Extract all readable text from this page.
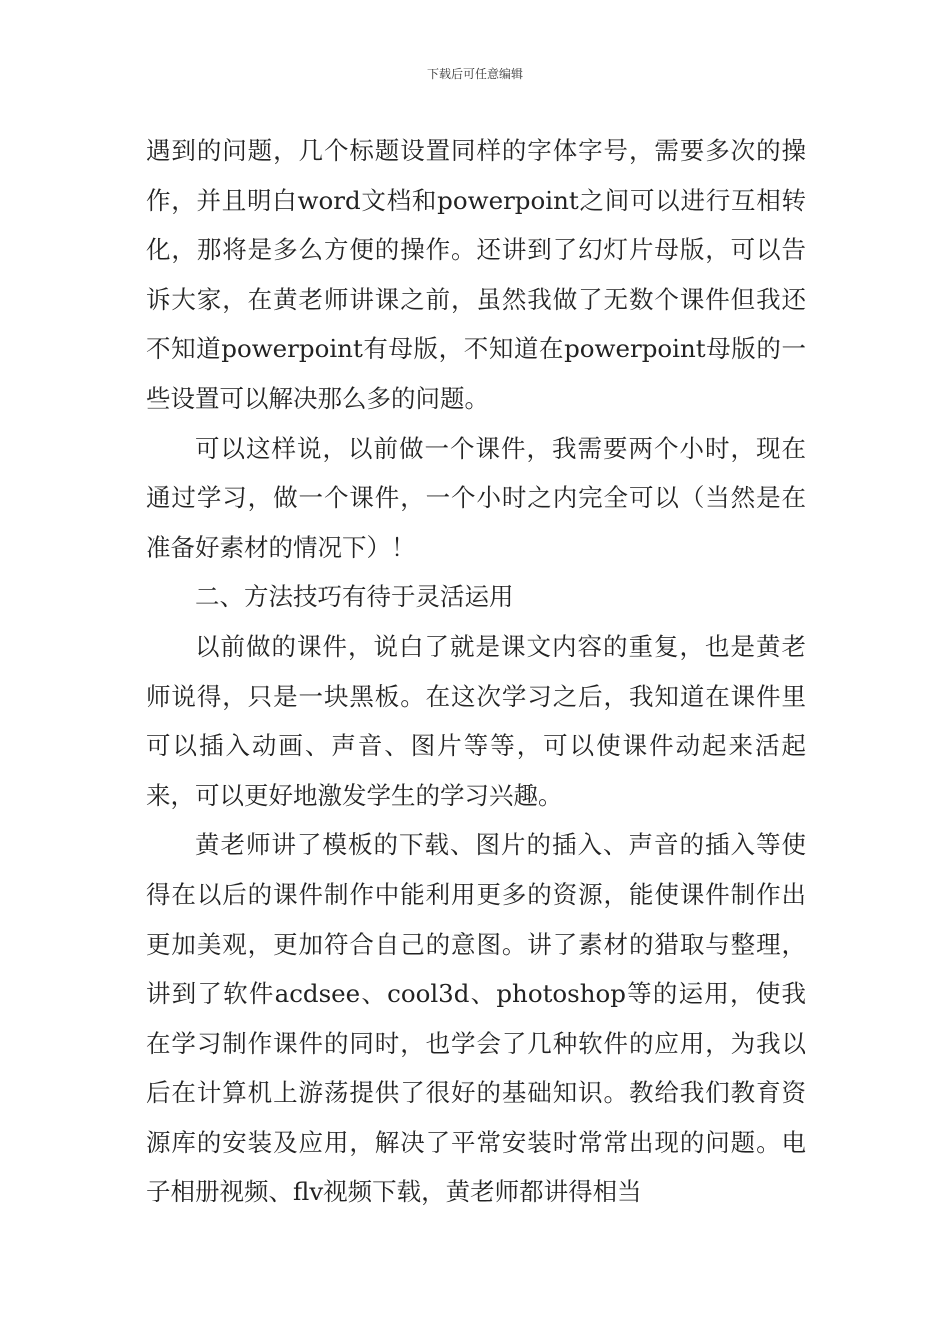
下载后可任意编辑

遇到的问题，几个标题设置同样的字体字号，需要多次的操作，并且明白word文档和powerpoint之间可以进行互相转化，那将是多么方便的操作。还讲到了幻灯片母版，可以告诉大家，在黄老师讲课之前，虽然我做了无数个课件但我还不知道powerpoint有母版，不知道在powerpoint母版的一些设置可以解决那么多的问题。

可以这样说，以前做一个课件，我需要两个小时，现在通过学习，做一个课件，一个小时之内完全可以（当然是在准备好素材的情况下）！

二、方法技巧有待于灵活运用

以前做的课件，说白了就是课文内容的重复，也是黄老师说得，只是一块黑板。在这次学习之后，我知道在课件里可以插入动画、声音、图片等等，可以使课件动起来活起来，可以更好地激发学生的学习兴趣。

黄老师讲了模板的下载、图片的插入、声音的插入等使得在以后的课件制作中能利用更多的资源，能使课件制作出更加美观，更加符合自己的意图。讲了素材的猎取与整理，讲到了软件acdsee、cool3d、photoshop等的运用，使我在学习制作课件的同时，也学会了几种软件的应用，为我以后在计算机上游荡提供了很好的基础知识。教给我们教育资源库的安装及应用，解决了平常安装时常常出现的问题。电子相册视频、flv视频下载，黄老师都讲得相当
